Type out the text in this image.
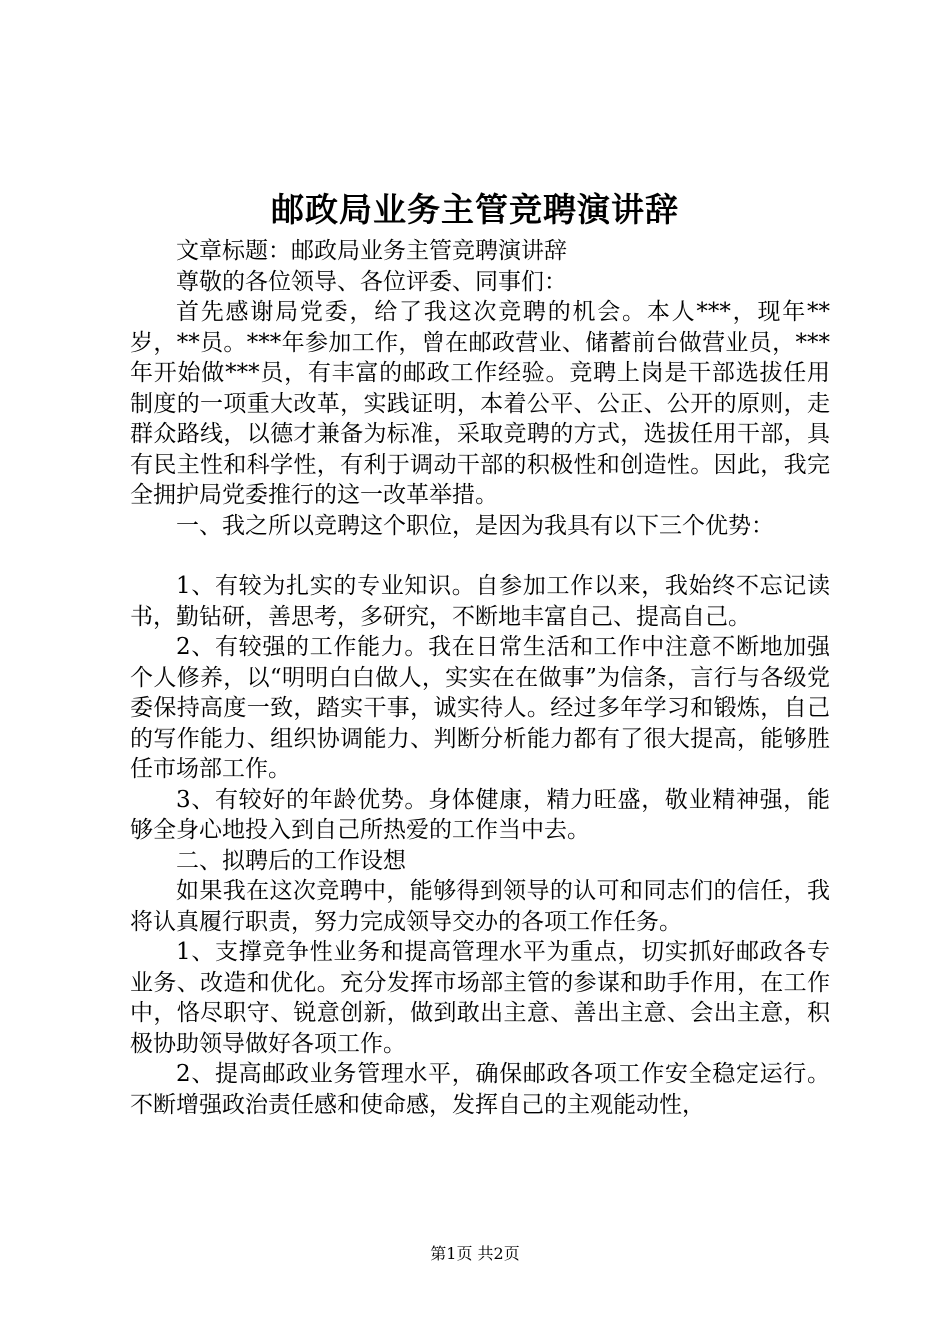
邮政局业务主管竞聘演讲辞

文章标题：邮政局业务主管竞聘演讲辞

尊敬的各位领导、各位评委、同事们：

首先感谢局党委，给了我这次竞聘的机会。本人***，现年**岁，**员。***年参加工作，曾在邮政营业、储蓄前台做营业员，***年开始做***员，有丰富的邮政工作经验。竞聘上岗是干部选拔任用制度的一项重大改革，实践证明，本着公平、公正、公开的原则，走群众路线，以德才兼备为标准，采取竞聘的方式，选拔任用干部，具有民主性和科学性，有利于调动干部的积极性和创造性。因此，我完全拥护局党委推行的这一改革举措。

一、我之所以竞聘这个职位，是因为我具有以下三个优势：

1、有较为扎实的专业知识。自参加工作以来，我始终不忘记读书，勤钻研，善思考，多研究，不断地丰富自己、提高自己。

2、有较强的工作能力。我在日常生活和工作中注意不断地加强个人修养，以“明明白白做人，实实在在做事”为信条，言行与各级党委保持高度一致，踏实干事，诚实待人。经过多年学习和锻炼，自己的写作能力、组织协调能力、判断分析能力都有了很大提高，能够胜任市场部工作。

3、有较好的年龄优势。身体健康，精力旺盛，敬业精神强，能够全身心地投入到自己所热爱的工作当中去。

二、拟聘后的工作设想

如果我在这次竞聘中，能够得到领导的认可和同志们的信任，我将认真履行职责，努力完成领导交办的各项工作任务。

1、支撑竞争性业务和提高管理水平为重点，切实抓好邮政各专业务、改造和优化。充分发挥市场部主管的参谋和助手作用，在工作中，恪尽职守、锐意创新，做到敢出主意、善出主意、会出主意，积极协助领导做好各项工作。

2、提高邮政业务管理水平，确保邮政各项工作安全稳定运行。不断增强政治责任感和使命感，发挥自己的主观能动性，

第1页 共2页
